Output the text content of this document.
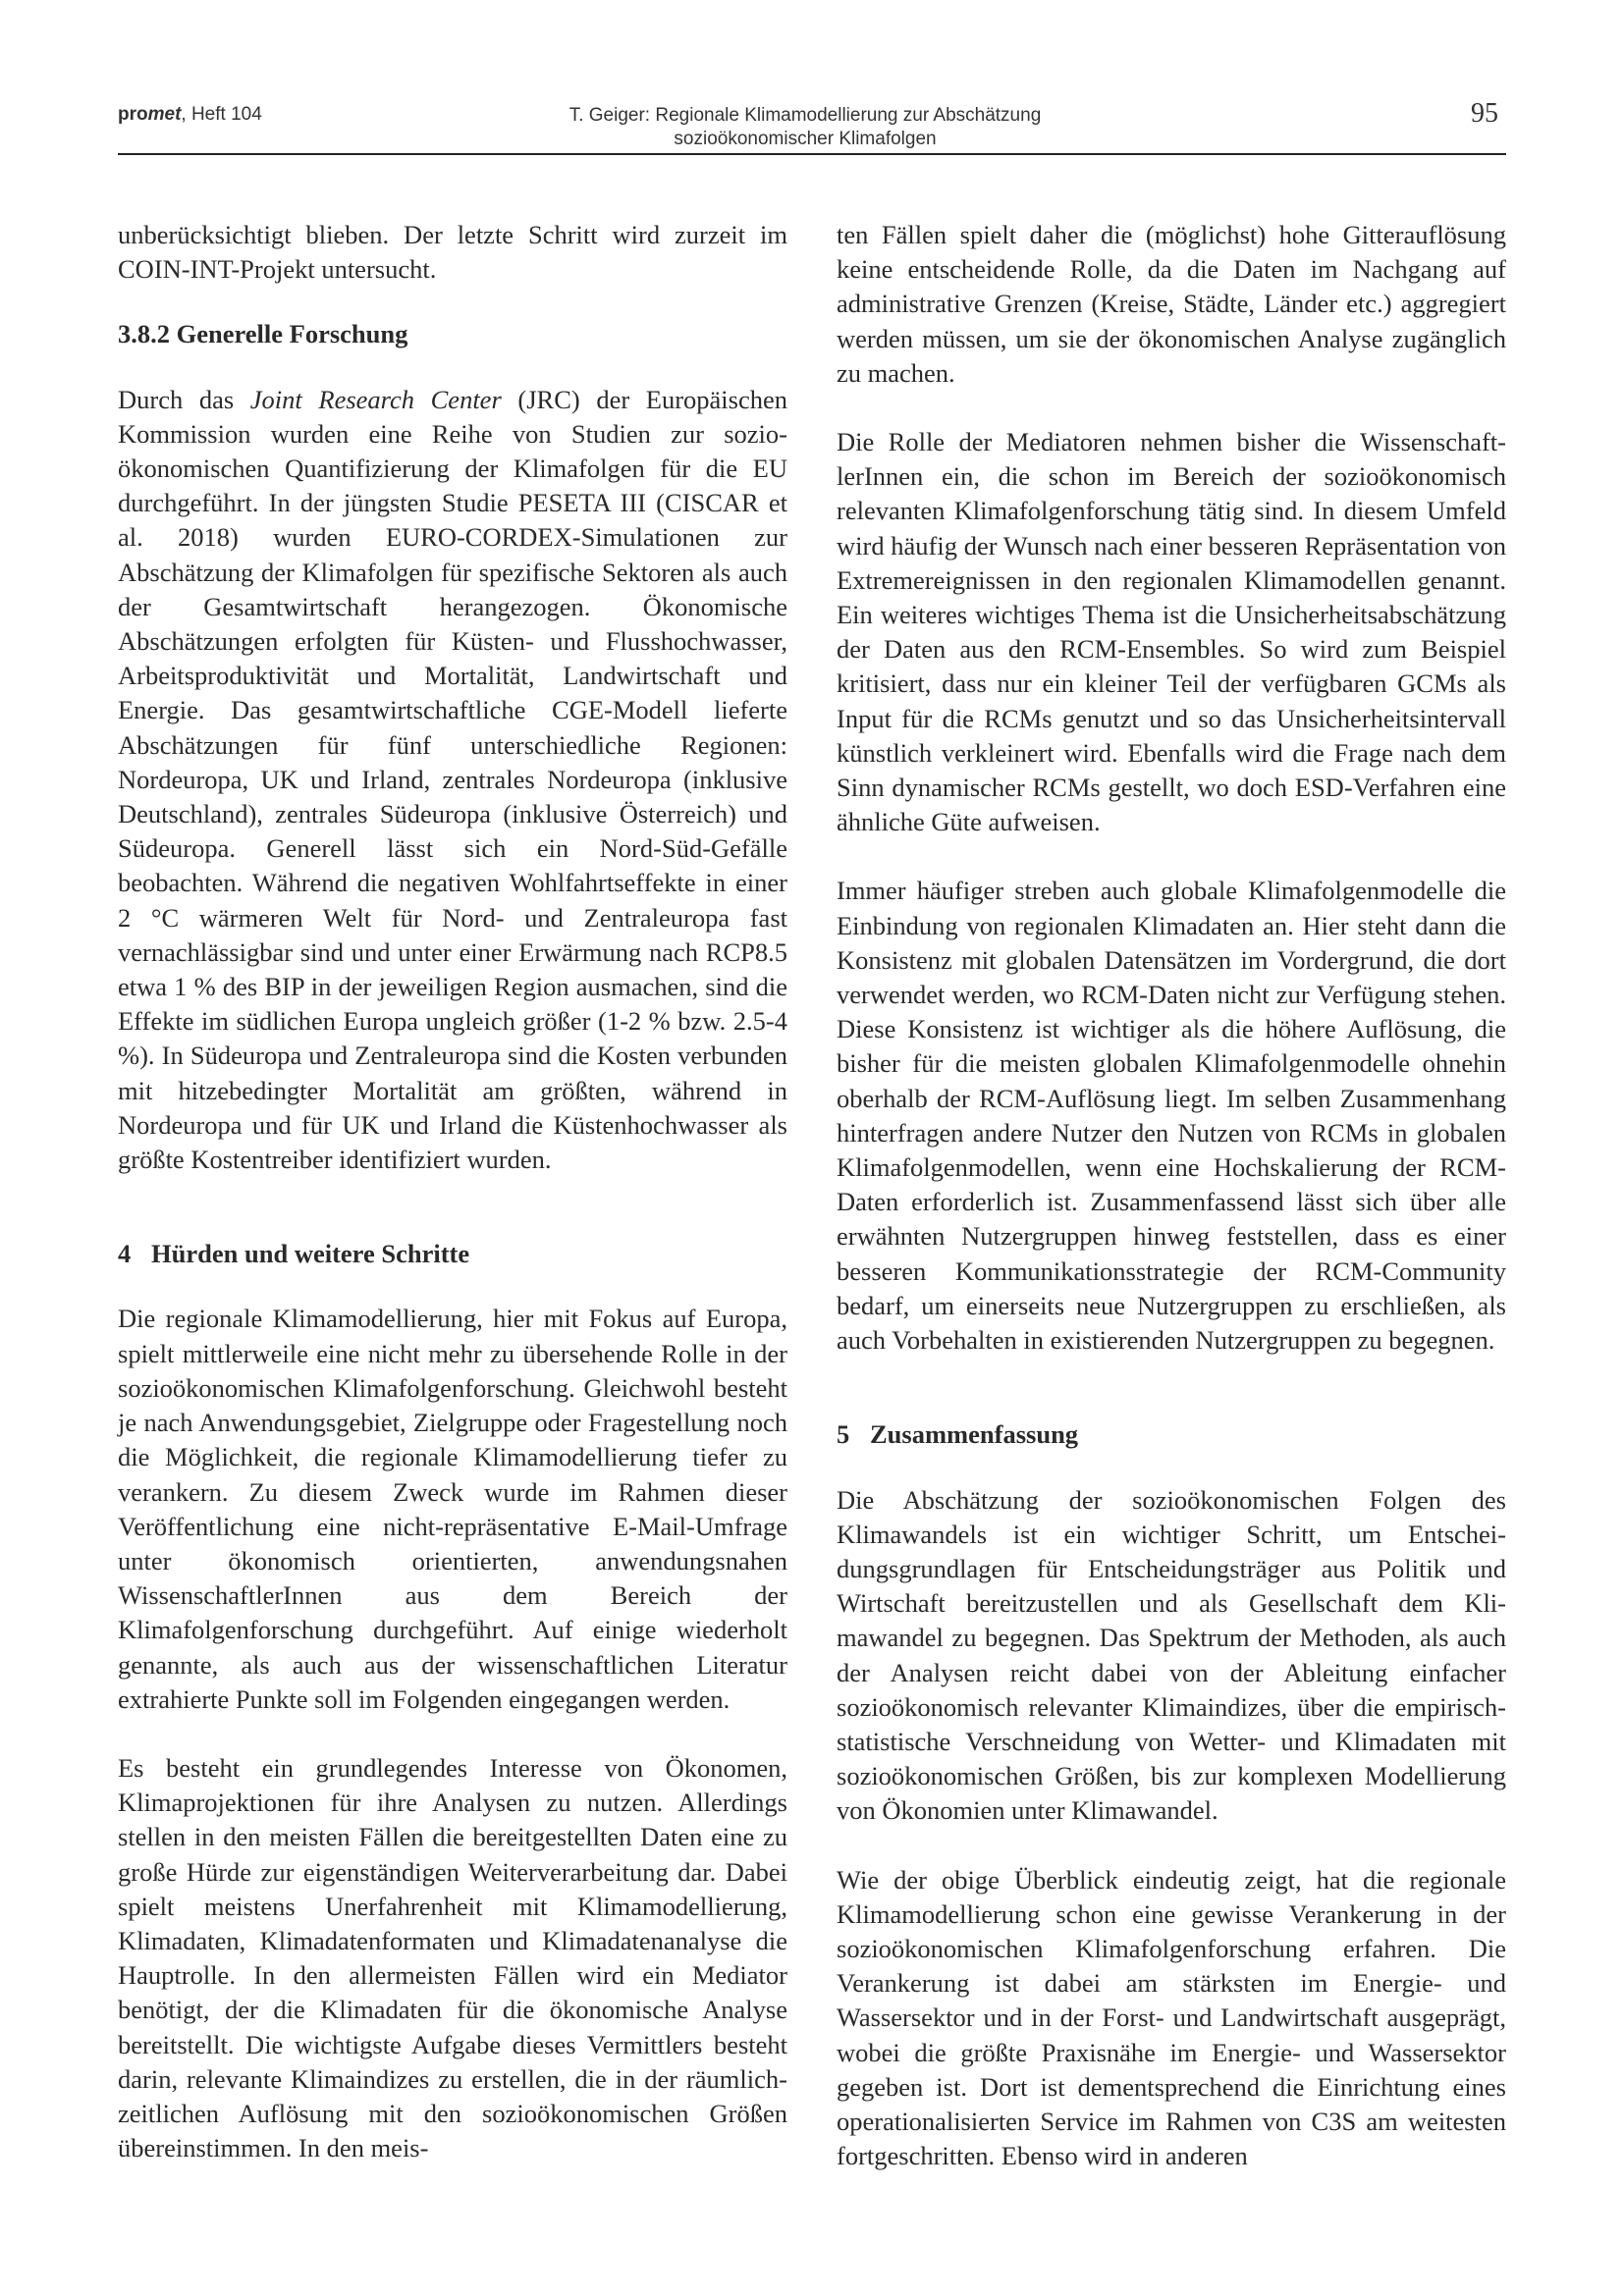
promet, Heft 104	T. Geiger: Regionale Klimamodellierung zur Abschätzung
sozioökonomischer Klimafolgen
95

unberücksichtigt blieben. Der letzte Schritt wird zurzeit im COIN-INT-Projekt untersucht.

3.8.2 Generelle Forschung

Durch das Joint Research Center (JRC) der Europäischen Kommission wurden eine Reihe von Studien zur sozioökonomischen Quantifizierung der Klimafolgen für die EU durchgeführt. In der jüngsten Studie PESETA III (CISCAR et al. 2018) wurden EURO-CORDEX-Simulationen zur Abschätzung der Klimafolgen für spezifische Sektoren als auch der Gesamtwirtschaft herangezogen. Ökonomische Abschätzungen erfolgten für Küsten- und Flusshochwasser, Arbeitsproduktivität und Mortalität, Landwirtschaft und Energie. Das gesamtwirtschaftliche CGE-Modell lieferte Abschätzungen für fünf unterschiedliche Regionen: Nordeuropa, UK und Irland, zentrales Nordeuropa (inklusive Deutschland), zentrales Südeuropa (inklusive Österreich) und Südeuropa. Generell lässt sich ein Nord-Süd-Gefälle beobachten. Während die negativen Wohlfahrtseffekte in einer 2 °C wärmeren Welt für Nord- und Zentraleuropa fast vernachlässigbar sind und unter einer Erwärmung nach RCP8.5 etwa 1 % des BIP in der jeweiligen Region ausmachen, sind die Effekte im südlichen Europa ungleich größer (1-2 % bzw. 2.5-4 %). In Südeuropa und Zentraleuropa sind die Kosten verbunden mit hitzebedingter Mortalität am größten, während in Nordeuropa und für UK und Irland die Küstenhochwasser als größte Kostentreiber identifiziert wurden.

4 Hürden und weitere Schritte

Die regionale Klimamodellierung, hier mit Fokus auf Europa, spielt mittlerweile eine nicht mehr zu übersehende Rolle in der sozioökonomischen Klimafolgenforschung. Gleichwohl besteht je nach Anwendungsgebiet, Zielgruppe oder Fragestellung noch die Möglichkeit, die regionale Klimamodellierung tiefer zu verankern. Zu diesem Zweck wurde im Rahmen dieser Veröffentlichung eine nicht-repräsentative E-Mail-Umfrage unter ökonomisch orientierten, anwendungsnahen WissenschaftlerInnen aus dem Bereich der Klimafolgenforschung durchgeführt. Auf einige wiederholt genannte, als auch aus der wissenschaftlichen Literatur extrahierte Punkte soll im Folgenden eingegangen werden.

Es besteht ein grundlegendes Interesse von Ökonomen, Klimaprojektionen für ihre Analysen zu nutzen. Allerdings stellen in den meisten Fällen die bereitgestellten Daten eine zu große Hürde zur eigenständigen Weiterverarbeitung dar. Dabei spielt meistens Unerfahrenheit mit Klimamodellierung, Klimadaten, Klimadatenformaten und Klimadatenanalyse die Hauptrolle. In den allermeisten Fällen wird ein Mediator benötigt, der die Klimadaten für die ökonomische Analyse bereitstellt. Die wichtigste Aufgabe dieses Vermittlers besteht darin, relevante Klimaindizes zu erstellen, die in der räumlich-zeitlichen Auflösung mit den sozioökonomischen Größen übereinstimmen. In den meis-

ten Fällen spielt daher die (möglichst) hohe Gitterauflösung keine entscheidende Rolle, da die Daten im Nachgang auf administrative Grenzen (Kreise, Städte, Länder etc.) aggregiert werden müssen, um sie der ökonomischen Analyse zugänglich zu machen.

Die Rolle der Mediatoren nehmen bisher die WissenschaftlerInnen ein, die schon im Bereich der sozioökonomisch relevanten Klimafolgenforschung tätig sind. In diesem Umfeld wird häufig der Wunsch nach einer besseren Repräsentation von Extremereignissen in den regionalen Klimamodellen genannt. Ein weiteres wichtiges Thema ist die Unsicherheitsabschätzung der Daten aus den RCM-Ensembles. So wird zum Beispiel kritisiert, dass nur ein kleiner Teil der verfügbaren GCMs als Input für die RCMs genutzt und so das Unsicherheitsintervall künstlich verkleinert wird. Ebenfalls wird die Frage nach dem Sinn dynamischer RCMs gestellt, wo doch ESD-Verfahren eine ähnliche Güte aufweisen.

Immer häufiger streben auch globale Klimafolgenmodelle die Einbindung von regionalen Klimadaten an. Hier steht dann die Konsistenz mit globalen Datensätzen im Vordergrund, die dort verwendet werden, wo RCM-Daten nicht zur Verfügung stehen. Diese Konsistenz ist wichtiger als die höhere Auflösung, die bisher für die meisten globalen Klimafolgenmodelle ohnehin oberhalb der RCM-Auflösung liegt. Im selben Zusammenhang hinterfragen andere Nutzer den Nutzen von RCMs in globalen Klimafolgenmodellen, wenn eine Hochskalierung der RCM-Daten erforderlich ist. Zusammenfassend lässt sich über alle erwähnten Nutzergruppen hinweg feststellen, dass es einer besseren Kommunikationsstrategie der RCM-Community bedarf, um einerseits neue Nutzergruppen zu erschließen, als auch Vorbehalten in existierenden Nutzergruppen zu begegnen.

5 Zusammenfassung

Die Abschätzung der sozioökonomischen Folgen des Klimawandels ist ein wichtiger Schritt, um Entscheidungsgrundlagen für Entscheidungsträger aus Politik und Wirtschaft bereitzustellen und als Gesellschaft dem Klimawandel zu begegnen. Das Spektrum der Methoden, als auch der Analysen reicht dabei von der Ableitung einfacher sozioökonomisch relevanter Klimaindizes, über die empirisch-statistische Verschneidung von Wetter- und Klimadaten mit sozioökonomischen Größen, bis zur komplexen Modellierung von Ökonomien unter Klimawandel.

Wie der obige Überblick eindeutig zeigt, hat die regionale Klimamodellierung schon eine gewisse Verankerung in der sozioökonomischen Klimafolgenforschung erfahren. Die Verankerung ist dabei am stärksten im Energie- und Wassersektor und in der Forst- und Landwirtschaft ausgeprägt, wobei die größte Praxisnähe im Energie- und Wassersektor gegeben ist. Dort ist dementsprechend die Einrichtung eines operationalisierten Service im Rahmen von C3S am weitesten fortgeschritten. Ebenso wird in anderen
